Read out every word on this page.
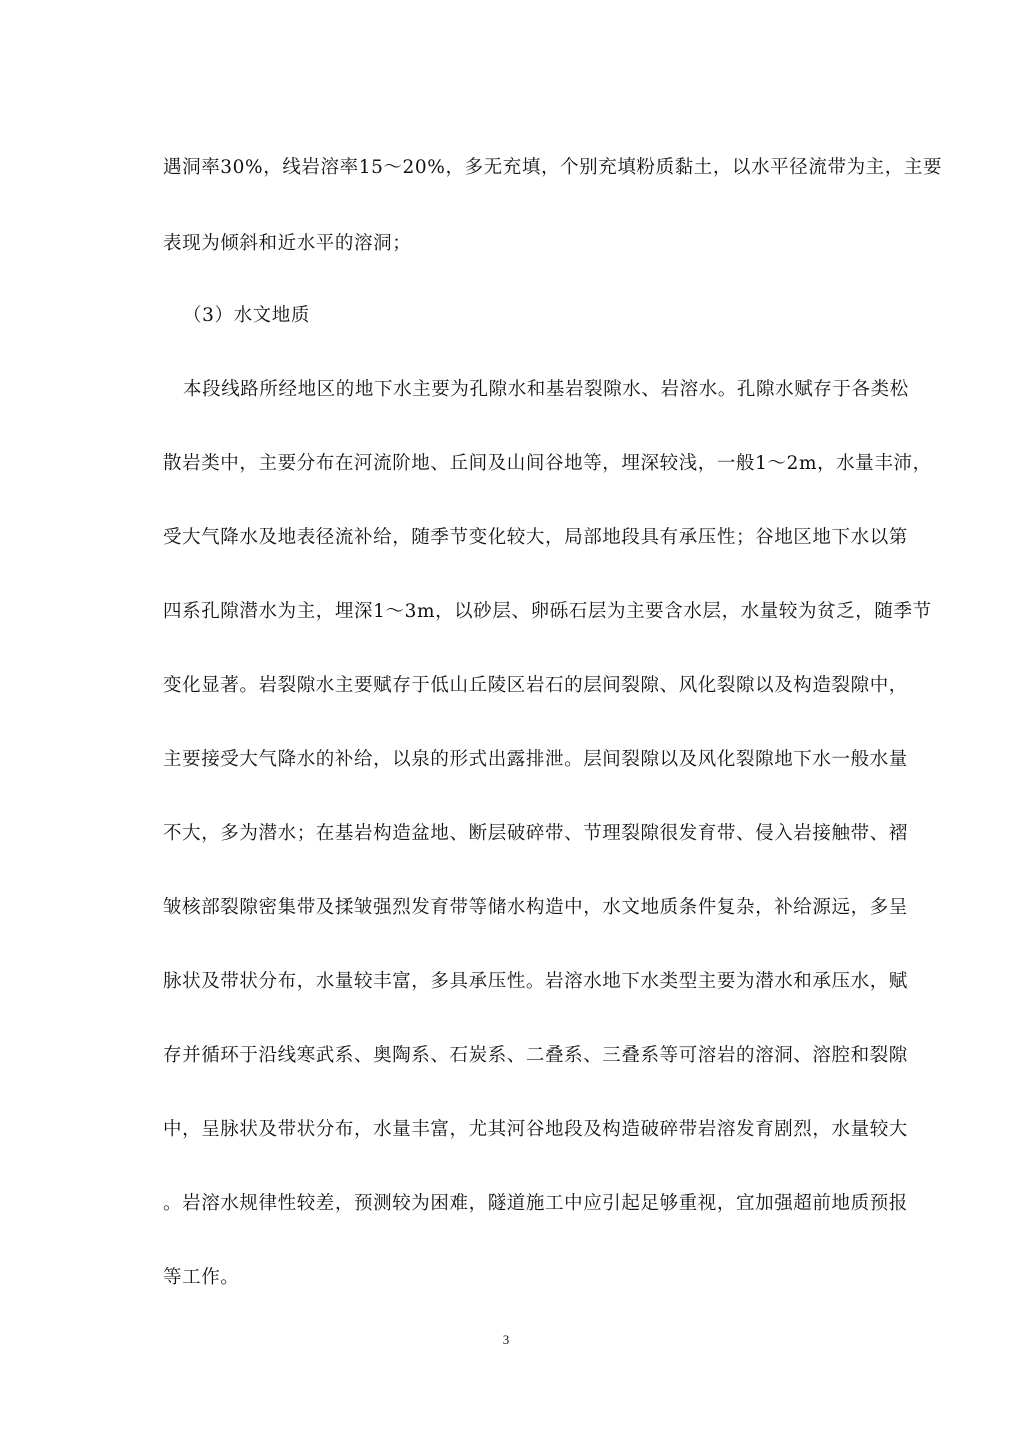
遇洞率30%，线岩溶率15～20%，多无充填，个别充填粉质黏土，以水平径流带为主，主要
表现为倾斜和近水平的溶洞；
（3）水文地质
本段线路所经地区的地下水主要为孔隙水和基岩裂隙水、岩溶水。孔隙水赋存于各类松
散岩类中，主要分布在河流阶地、丘间及山间谷地等，埋深较浅，一般1～2m，水量丰沛，
受大气降水及地表径流补给，随季节变化较大，局部地段具有承压性；谷地区地下水以第
四系孔隙潜水为主，埋深1～3m，以砂层、卵砾石层为主要含水层，水量较为贫乏，随季节
变化显著。岩裂隙水主要赋存于低山丘陵区岩石的层间裂隙、风化裂隙以及构造裂隙中，
主要接受大气降水的补给，以泉的形式出露排泄。层间裂隙以及风化裂隙地下水一般水量
不大，多为潜水；在基岩构造盆地、断层破碎带、节理裂隙很发育带、侵入岩接触带、褶
皱核部裂隙密集带及揉皱强烈发育带等储水构造中，水文地质条件复杂，补给源远，多呈
脉状及带状分布，水量较丰富，多具承压性。岩溶水地下水类型主要为潜水和承压水，赋
存并循环于沿线寒武系、奥陶系、石炭系、二叠系、三叠系等可溶岩的溶洞、溶腔和裂隙
中，呈脉状及带状分布，水量丰富，尤其河谷地段及构造破碎带岩溶发育剧烈，水量较大
。岩溶水规律性较差，预测较为困难，隧道施工中应引起足够重视，宜加强超前地质预报
等工作。
3
